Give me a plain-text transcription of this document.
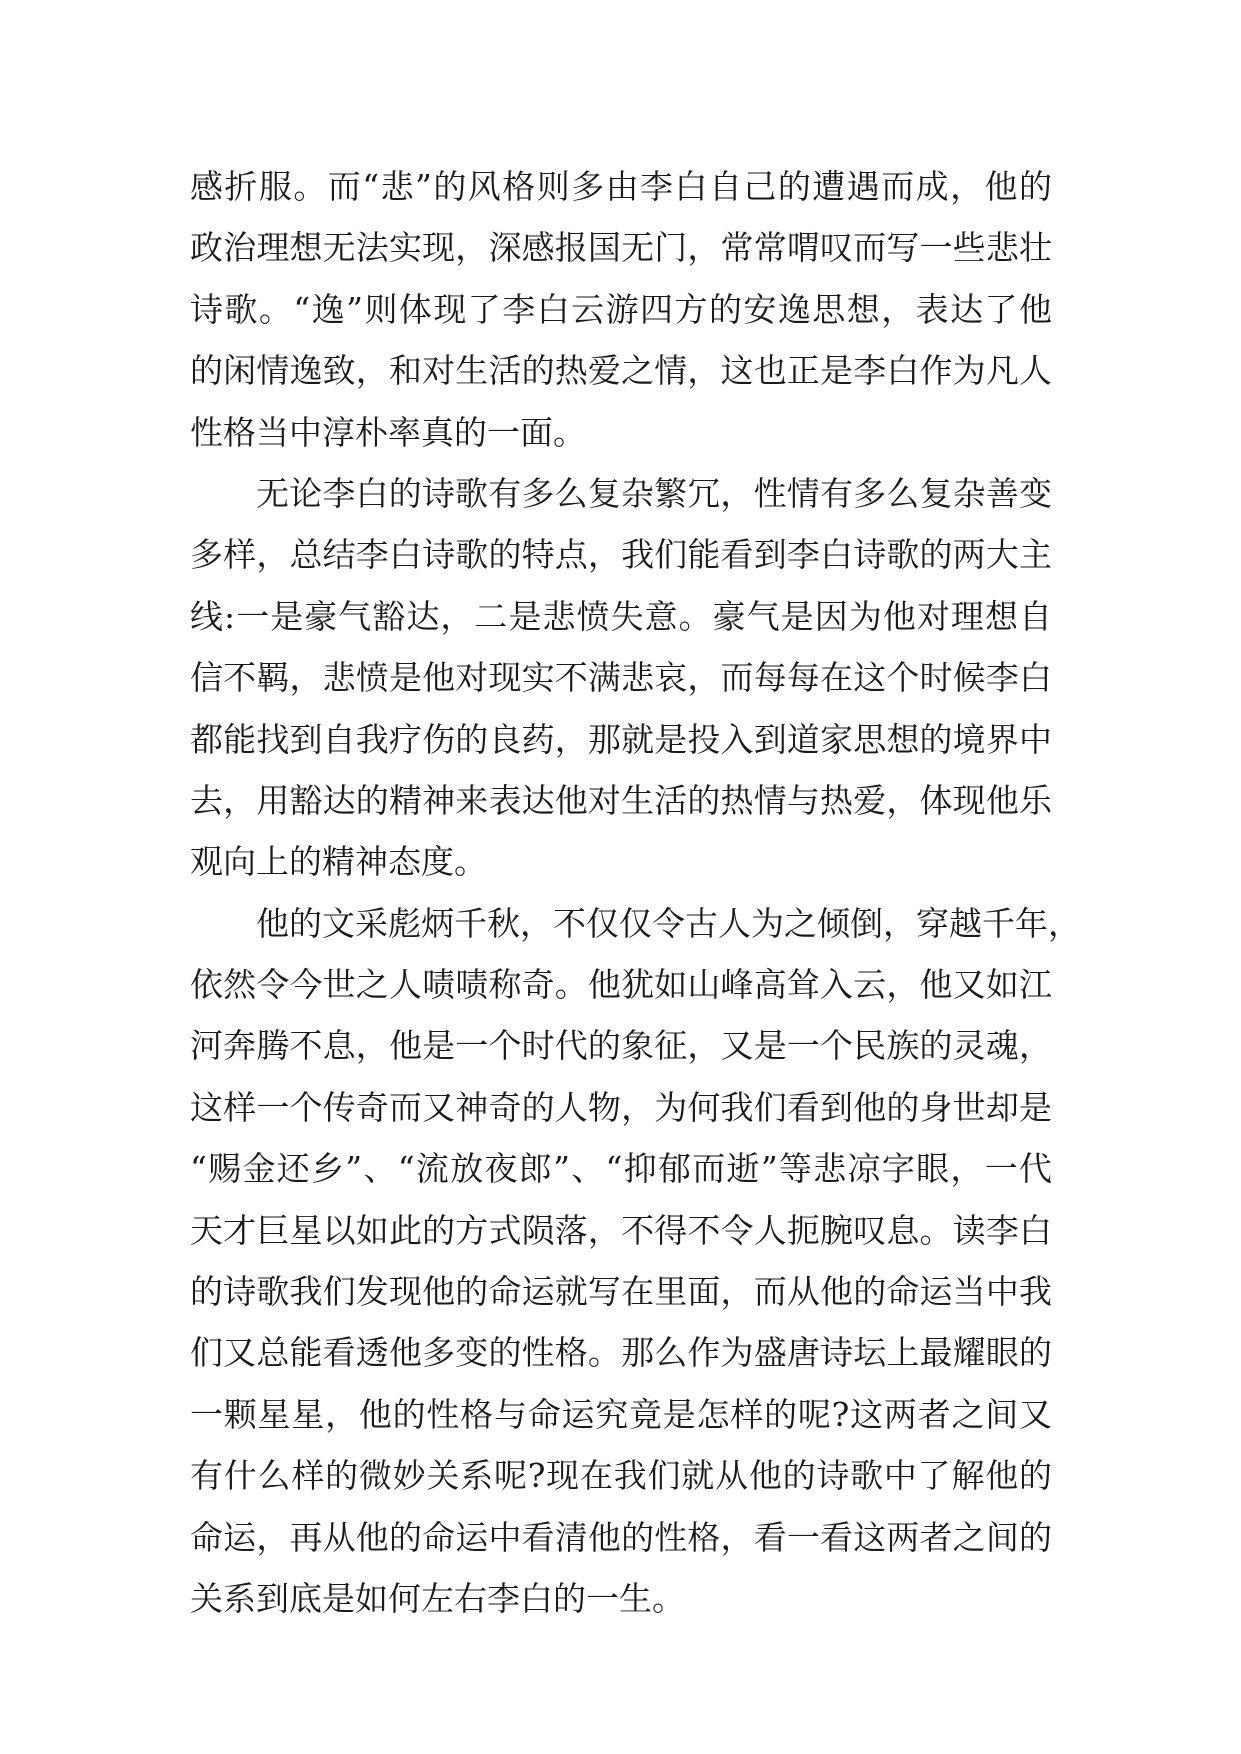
感折服。而“悲”的风格则多由李白自己的遭遇而成，他的
政治理想无法实现，深感报国无门，常常喟叹而写一些悲壮
诗歌。“逸”则体现了李白云游四方的安逸思想，表达了他
的闲情逸致，和对生活的热爱之情，这也正是李白作为凡人
性格当中淳朴率真的一面。
无论李白的诗歌有多么复杂繁冗，性情有多么复杂善变
多样，总结李白诗歌的特点，我们能看到李白诗歌的两大主
线:一是豪气豁达，二是悲愤失意。豪气是因为他对理想自
信不羁，悲愤是他对现实不满悲哀，而每每在这个时候李白
都能找到自我疗伤的良药，那就是投入到道家思想的境界中
去，用豁达的精神来表达他对生活的热情与热爱，体现他乐
观向上的精神态度。
他的文采彪炳千秋，不仅仅令古人为之倾倒，穿越千年，
依然令今世之人啧啧称奇。他犹如山峰高耸入云，他又如江
河奔腾不息，他是一个时代的象征，又是一个民族的灵魂，
这样一个传奇而又神奇的人物，为何我们看到他的身世却是
“赐金还乡”、“流放夜郎”、“抑郁而逝”等悲凉字眼，一代
天才巨星以如此的方式陨落，不得不令人扼腕叹息。读李白
的诗歌我们发现他的命运就写在里面，而从他的命运当中我
们又总能看透他多变的性格。那么作为盛唐诗坛上最耀眼的
一颗星星，他的性格与命运究竟是怎样的呢?这两者之间又
有什么样的微妙关系呢?现在我们就从他的诗歌中了解他的
命运，再从他的命运中看清他的性格，看一看这两者之间的
关系到底是如何左右李白的一生。
